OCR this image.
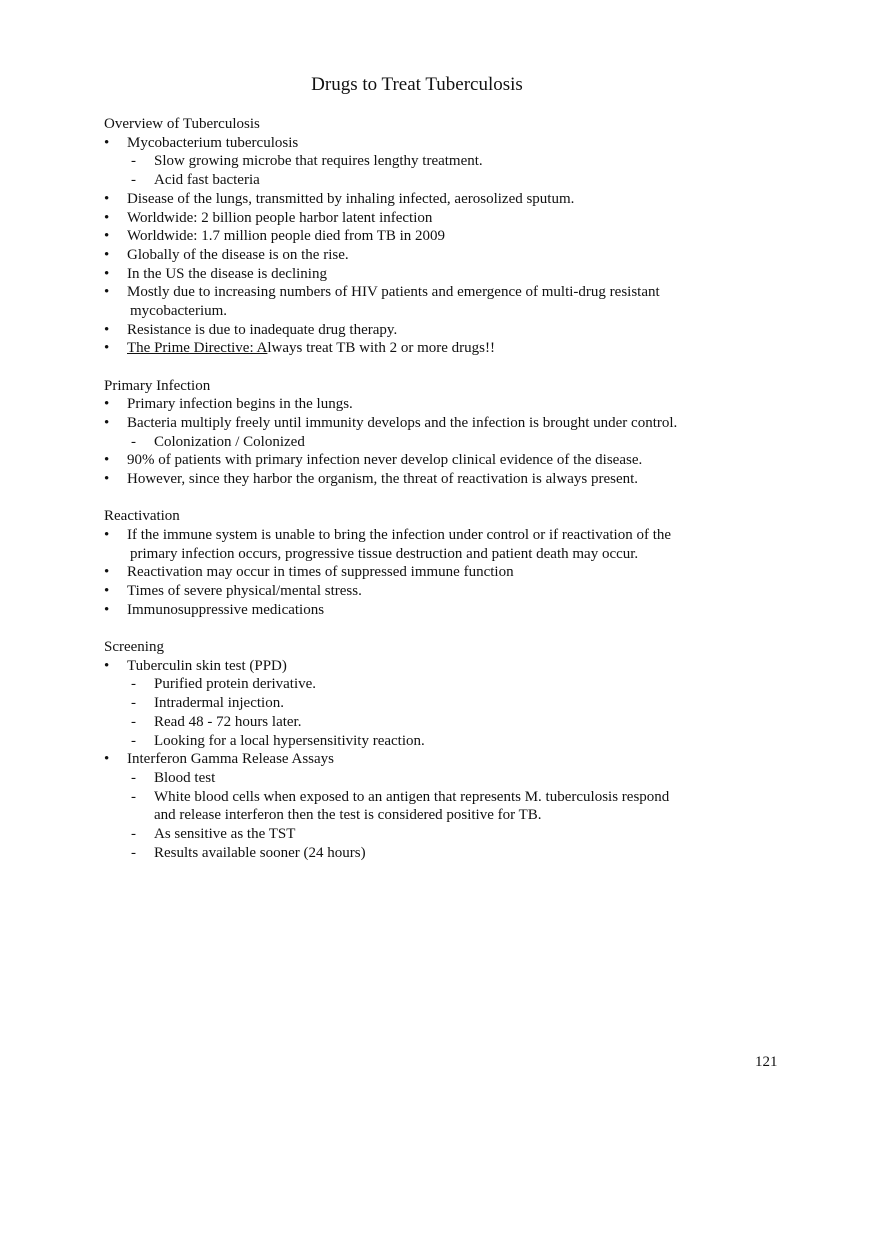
Drugs to Treat Tuberculosis
Overview of Tuberculosis
• Mycobacterium tuberculosis
- Slow growing microbe that requires lengthy treatment.
- Acid fast bacteria
• Disease of the lungs, transmitted by inhaling infected, aerosolized sputum.
• Worldwide: 2 billion people harbor latent infection
• Worldwide: 1.7 million people died from TB in 2009
• Globally of the disease is on the rise.
• In the US the disease is declining
• Mostly due to increasing numbers of HIV patients and emergence of multi-drug resistant
mycobacterium.
• Resistance is due to inadequate drug therapy.
• The Prime Directive: Always treat TB with 2 or more drugs!!
Primary Infection
• Primary infection begins in the lungs.
• Bacteria multiply freely until immunity develops and the infection is brought under control.
- Colonization / Colonized
• 90% of patients with primary infection never develop clinical evidence of the disease.
• However, since they harbor the organism, the threat of reactivation is always present.
Reactivation
• If the immune system is unable to bring the infection under control or if reactivation of the
primary infection occurs, progressive tissue destruction and patient death may occur.
• Reactivation may occur in times of suppressed immune function
• Times of severe physical/mental stress.
• Immunosuppressive medications
Screening
• Tuberculin skin test (PPD)
- Purified protein derivative.
- Intradermal injection.
- Read 48 - 72 hours later.
- Looking for a local hypersensitivity reaction.
• Interferon Gamma Release Assays
- Blood test
- White blood cells when exposed to an antigen that represents M. tuberculosis respond
and release interferon then the test is considered positive for TB.
- As sensitive as the TST
- Results available sooner (24 hours)
121
